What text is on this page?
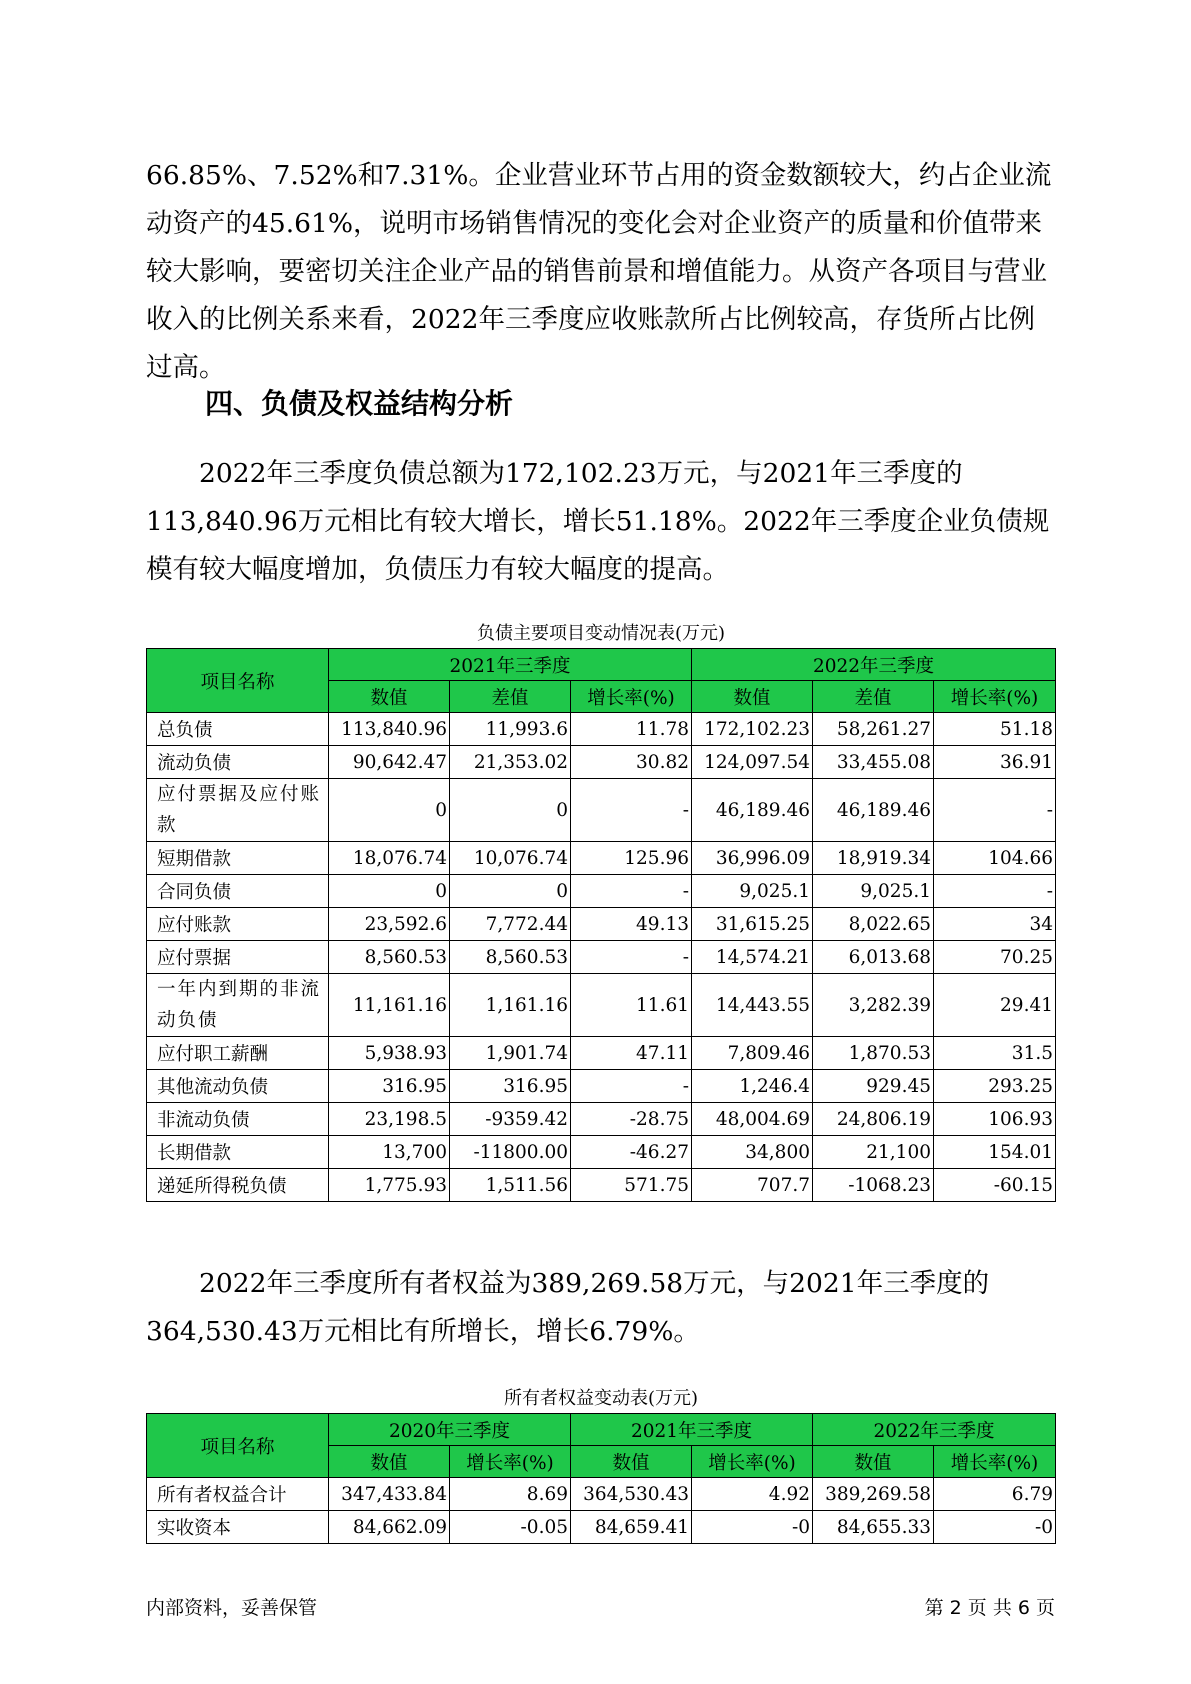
66.85%、7.52%和7.31%。企业营业环节占用的资金数额较大，约占企业流动资产的45.61%，说明市场销售情况的变化会对企业资产的质量和价值带来较大影响，要密切关注企业产品的销售前景和增值能力。从资产各项目与营业收入的比例关系来看，2022年三季度应收账款所占比例较高，存货所占比例过高。

四、负债及权益结构分析

2022年三季度负债总额为172,102.23万元，与2021年三季度的113,840.96万元相比有较大增长，增长51.18%。2022年三季度企业负债规模有较大幅度增加，负债压力有较大幅度的提高。

负债主要项目变动情况表(万元)
项目名称	2021年三季度			2022年三季度		
	数值	差值	增长率(%)	数值	差值	增长率(%)
总负债	113,840.96	11,993.6	11.78	172,102.23	58,261.27	51.18
流动负债	90,642.47	21,353.02	30.82	124,097.54	33,455.08	36.91
应付票据及应付账款	0	0	-	46,189.46	46,189.46	-
短期借款	18,076.74	10,076.74	125.96	36,996.09	18,919.34	104.66
合同负债	0	0	-	9,025.1	9,025.1	-
应付账款	23,592.6	7,772.44	49.13	31,615.25	8,022.65	34
应付票据	8,560.53	8,560.53	-	14,574.21	6,013.68	70.25
一年内到期的非流动负债	11,161.16	1,161.16	11.61	14,443.55	3,282.39	29.41
应付职工薪酬	5,938.93	1,901.74	47.11	7,809.46	1,870.53	31.5
其他流动负债	316.95	316.95	-	1,246.4	929.45	293.25
非流动负债	23,198.5	-9359.42	-28.75	48,004.69	24,806.19	106.93
长期借款	13,700	-11800.00	-46.27	34,800	21,100	154.01
递延所得税负债	1,775.93	1,511.56	571.75	707.7	-1068.23	-60.15

2022年三季度所有者权益为389,269.58万元，与2021年三季度的364,530.43万元相比有所增长，增长6.79%。

所有者权益变动表(万元)
项目名称	2020年三季度		2021年三季度		2022年三季度	
	数值	增长率(%)	数值	增长率(%)	数值	增长率(%)
所有者权益合计	347,433.84	8.69	364,530.43	4.92	389,269.58	6.79
实收资本	84,662.09	-0.05	84,659.41	-0	84,655.33	-0
内部资料，妥善保管	第 2 页 共 6 页
